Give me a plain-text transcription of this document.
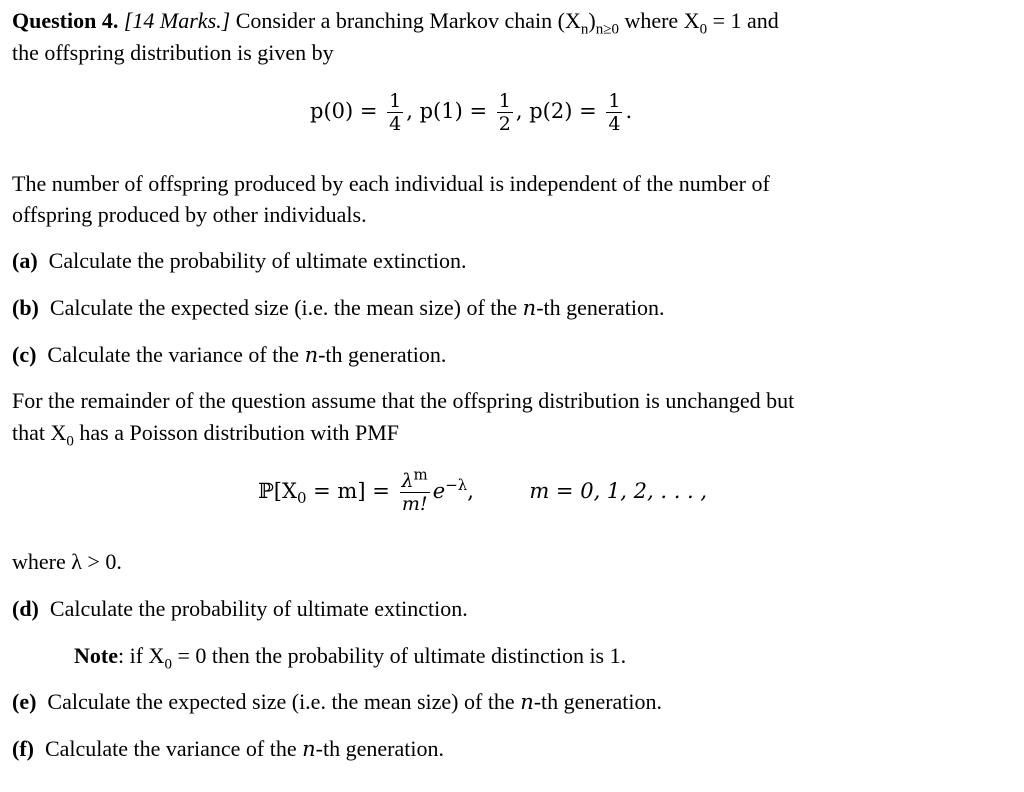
Question 4. [14 Marks.] Consider a branching Markov chain $(X_n)_{n\ge 0}$ where $X_0 = 1$ and
the offspring distribution is given by
$p(0) = \frac{1}{4}$ , $p(1) = \frac{1}{2}$ , $p(2) = \frac{1}{4}$ .
The number of offspring produced by each individual is independent of the number of
offspring produced by other individuals.
(a) Calculate the probability of ultimate extinction.
(b) Calculate the expected size (i.e. the mean size) of the n-th generation.
(c) Calculate the variance of the n-th generation.
For the remainder of the question assume that the offspring distribution is unchanged but
that $X_0$ has a Poisson distribution with PMF
$ℙ[X_0 = m] = \frac{\lambda^m}{m!} e^{-\lambda}$,  m = 0, 1, 2, . . . ,
where λ > 0.
(d) Calculate the probability of ultimate extinction.
Note: if $X_0 = 0$ then the probability of ultimate distinction is 1.
(e) Calculate the expected size (i.e. the mean size) of the n-th generation.
(f) Calculate the variance of the n-th generation.
